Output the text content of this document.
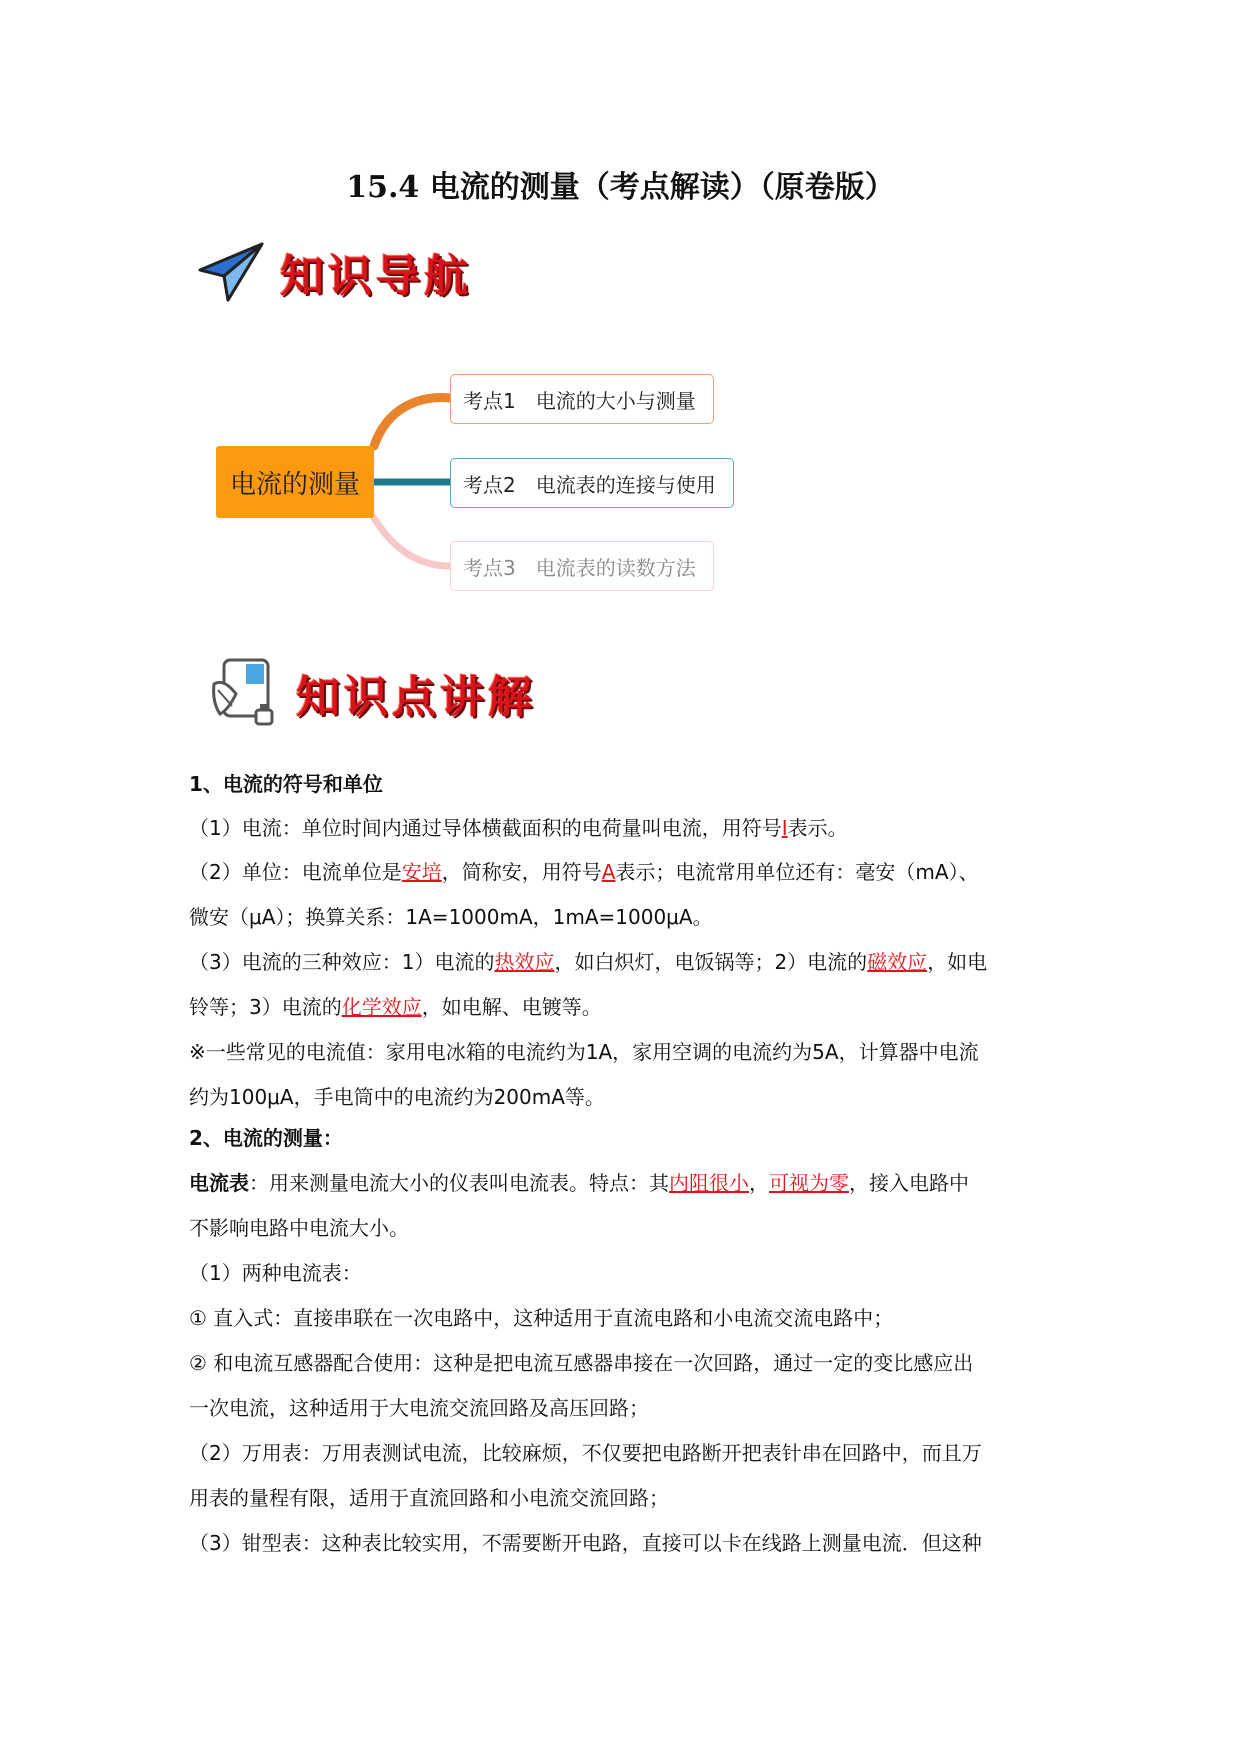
15.4 电流的测量（考点解读）（原卷版）
知识导航
电流的测量
考点1 电流的大小与测量
考点2 电流表的连接与使用
考点3 电流表的读数方法
知识点讲解
1、电流的符号和单位
（1）电流：单位时间内通过导体横截面积的电荷量叫电流，用符号I表示。
（2）单位：电流单位是安培，简称安，用符号A表示；电流常用单位还有：毫安（mA）、
微安（μA）；换算关系：1A=1000mA，1mA=1000μA。
（3）电流的三种效应：1）电流的热效应，如白炽灯，电饭锅等；2）电流的磁效应，如电
铃等；3）电流的化学效应，如电解、电镀等。
※一些常见的电流值：家用电冰箱的电流约为1A，家用空调的电流约为5A，计算器中电流
约为100μA，手电筒中的电流约为200mA等。
2、电流的测量：
电流表：用来测量电流大小的仪表叫电流表。特点：其内阻很小，可视为零，接入电路中
不影响电路中电流大小。
（1）两种电流表：
① 直入式：直接串联在一次电路中，这种适用于直流电路和小电流交流电路中；
② 和电流互感器配合使用：这种是把电流互感器串接在一次回路，通过一定的变比感应出
一次电流，这种适用于大电流交流回路及高压回路；
（2）万用表：万用表测试电流，比较麻烦，不仅要把电路断开把表针串在回路中，而且万
用表的量程有限，适用于直流回路和小电流交流回路；
（3）钳型表：这种表比较实用，不需要断开电路，直接可以卡在线路上测量电流．但这种
